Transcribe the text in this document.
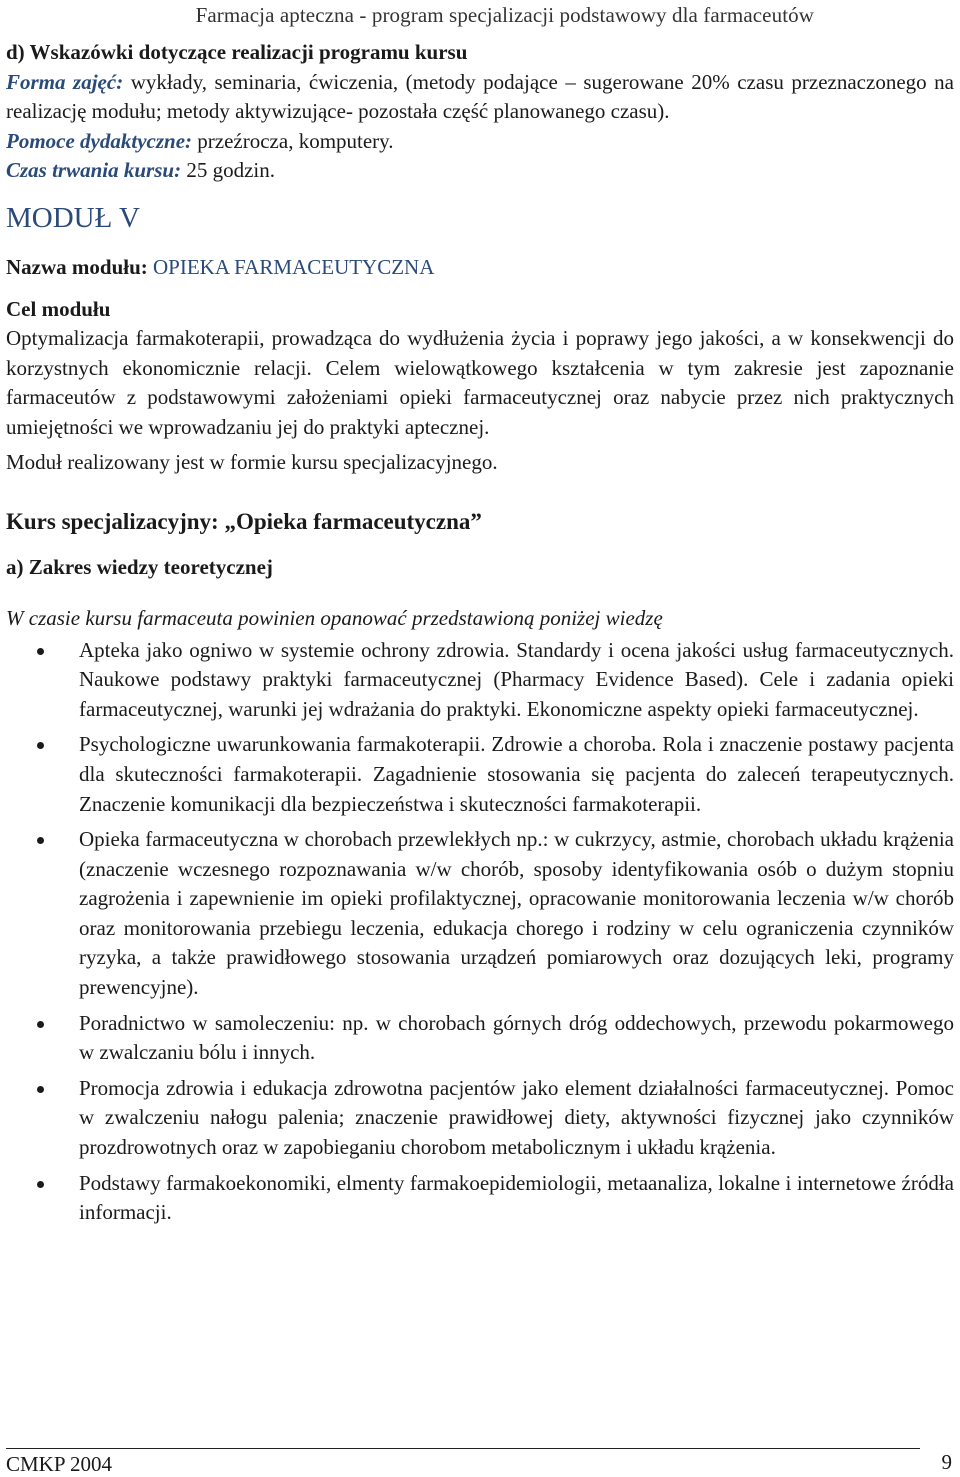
Farmacja apteczna - program specjalizacji podstawowy dla farmaceutów

d) Wskazówki dotyczące realizacji programu kursu

Forma zajęć: wykłady, seminaria, ćwiczenia, (metody podające – sugerowane 20% czasu przeznaczonego na realizację modułu; metody aktywizujące- pozostała część planowanego czasu).

Pomoce dydaktyczne: przeźrocza, komputery.

Czas trwania kursu: 25 godzin.

MODUŁ V

Nazwa modułu: OPIEKA FARMACEUTYCZNA

Cel modułu

Optymalizacja farmakoterapii, prowadząca do wydłużenia życia i poprawy jego jakości, a w konsekwencji do korzystnych ekonomicznie relacji. Celem wielowątkowego kształcenia w tym zakresie jest zapoznanie farmaceutów z podstawowymi założeniami opieki farmaceutycznej oraz nabycie przez nich praktycznych umiejętności we wprowadzaniu jej do praktyki aptecznej.

Moduł realizowany jest w formie kursu specjalizacyjnego.

Kurs specjalizacyjny: „Opieka farmaceutyczna”

a) Zakres wiedzy teoretycznej

W czasie kursu farmaceuta powinien opanować przedstawioną poniżej wiedzę

Apteka jako ogniwo w systemie ochrony zdrowia. Standardy i ocena jakości usług farmaceutycznych. Naukowe podstawy praktyki farmaceutycznej (Pharmacy Evidence Based). Cele i zadania opieki farmaceutycznej, warunki jej wdrażania do praktyki. Ekonomiczne aspekty opieki farmaceutycznej.
Psychologiczne uwarunkowania farmakoterapii. Zdrowie a choroba. Rola i znaczenie postawy pacjenta dla skuteczności farmakoterapii. Zagadnienie stosowania się pacjenta do zaleceń terapeutycznych. Znaczenie komunikacji dla bezpieczeństwa i skuteczności farmakoterapii.
Opieka farmaceutyczna w chorobach przewlekłych np.: w cukrzycy, astmie, chorobach układu krążenia (znaczenie wczesnego rozpoznawania w/w chorób, sposoby identyfikowania osób o dużym stopniu zagrożenia i zapewnienie im opieki profilaktycznej, opracowanie monitorowania leczenia w/w chorób oraz monitorowania przebiegu leczenia, edukacja chorego i rodziny w celu ograniczenia czynników ryzyka, a także prawidłowego stosowania urządzeń pomiarowych oraz dozujących leki, programy prewencyjne).
Poradnictwo w samoleczeniu: np. w chorobach górnych dróg oddechowych, przewodu pokarmowego w zwalczaniu bólu i innych.
Promocja zdrowia i edukacja zdrowotna pacjentów jako element działalności farmaceutycznej. Pomoc w zwalczeniu nałogu palenia; znaczenie prawidłowej diety, aktywności fizycznej jako czynników prozdrowotnych oraz w zapobieganiu chorobom metabolicznym i układu krążenia.
Podstawy farmakoekonomiki, elmenty farmakoepidemiologii, metaanaliza, lokalne i internetowe źródła informacji.
CMKP 2004	9
